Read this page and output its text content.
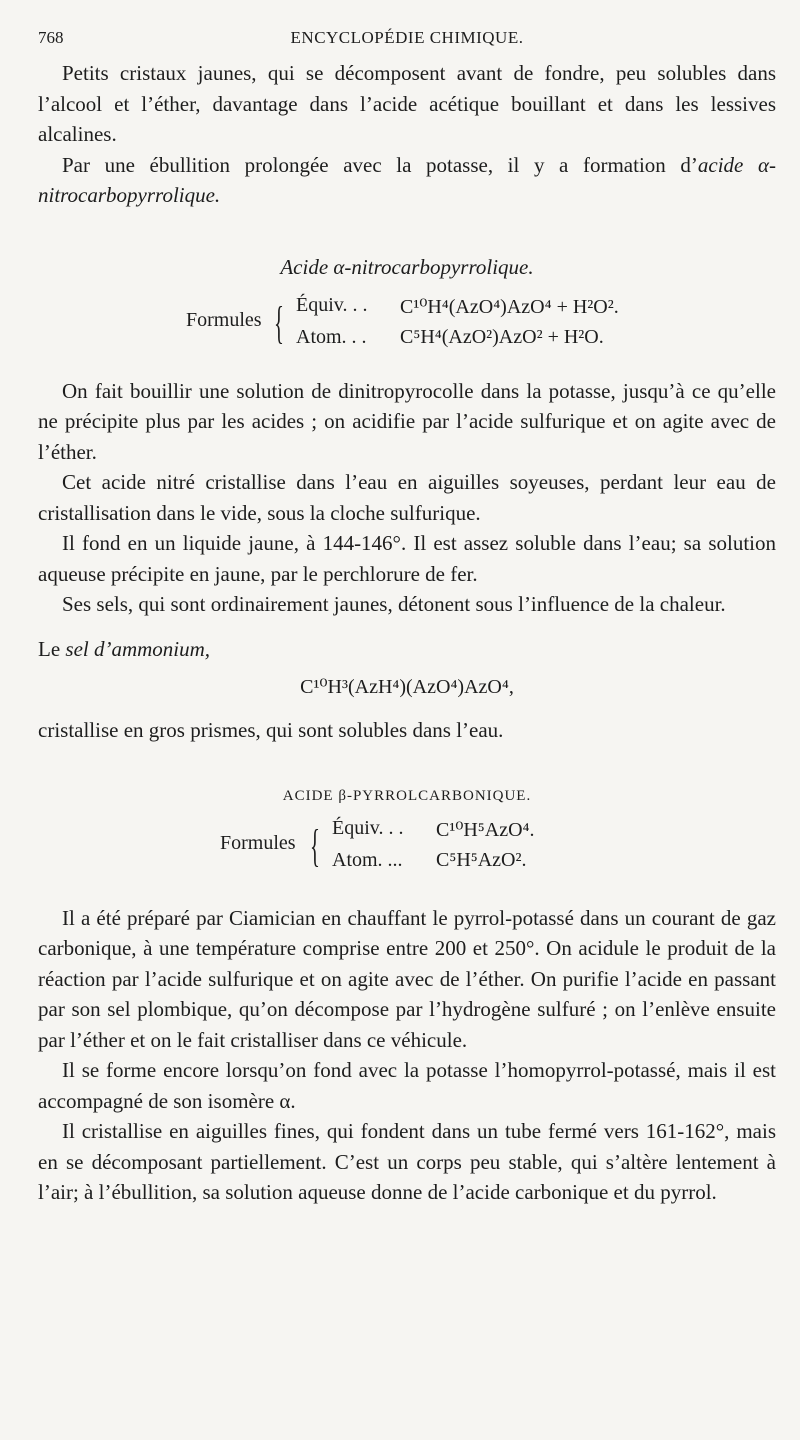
768	ENCYCLOPÉDIE CHIMIQUE.

Petits cristaux jaunes, qui se décomposent avant de fondre, peu solubles dans l’alcool et l’éther, davantage dans l’acide acétique bouillant et dans les lessives alcalines.

Par une ébullition prolongée avec la potasse, il y a formation d’acide α-nitrocarbopyrrolique.

Acide α-nitrocarbopyrrolique.
Formules { Équiv. . . C¹⁰H⁴(AzO⁴)AzO⁴ + H²O².
Atom. . . C⁵H⁴(AzO²)AzO² + H²O.

On fait bouillir une solution de dinitropyrocolle dans la potasse, jusqu’à ce qu’elle ne précipite plus par les acides ; on acidifie par l’acide sulfurique et on agite avec de l’éther.

Cet acide nitré cristallise dans l’eau en aiguilles soyeuses, perdant leur eau de cristallisation dans le vide, sous la cloche sulfurique.

Il fond en un liquide jaune, à 144-146°. Il est assez soluble dans l’eau; sa solution aqueuse précipite en jaune, par le perchlorure de fer.

Ses sels, qui sont ordinairement jaunes, détonent sous l’influence de la chaleur.

Le sel d’ammonium,

C¹⁰H³(AzH⁴)(AzO⁴)AzO⁴,

cristallise en gros prismes, qui sont solubles dans l’eau.

ACIDE β-PYRROLCARBONIQUE.
Formules { Équiv. . . C¹⁰H⁵AzO⁴.
Atom. ... C⁵H⁵AzO².

Il a été préparé par Ciamician en chauffant le pyrrol-potassé dans un courant de gaz carbonique, à une température comprise entre 200 et 250°. On acidule le produit de la réaction par l’acide sulfurique et on agite avec de l’éther. On purifie l’acide en passant par son sel plombique, qu’on décompose par l’hydrogène sulfuré ; on l’enlève ensuite par l’éther et on le fait cristalliser dans ce véhicule.

Il se forme encore lorsqu’on fond avec la potasse l’homopyrrol-potassé, mais il est accompagné de son isomère α.

Il cristallise en aiguilles fines, qui fondent dans un tube fermé vers 161-162°, mais en se décomposant partiellement. C’est un corps peu stable, qui s’altère lentement à l’air; à l’ébullition, sa solution aqueuse donne de l’acide carbonique et du pyrrol.
